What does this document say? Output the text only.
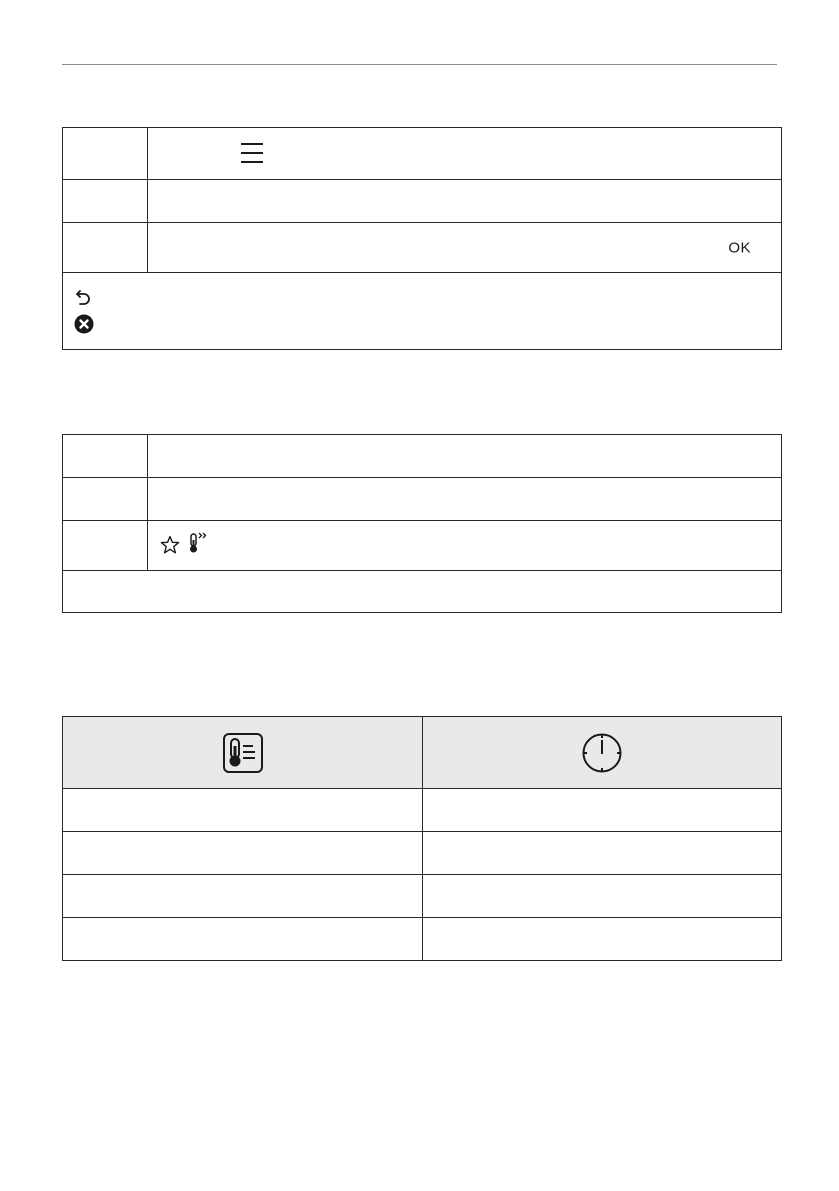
	OK
